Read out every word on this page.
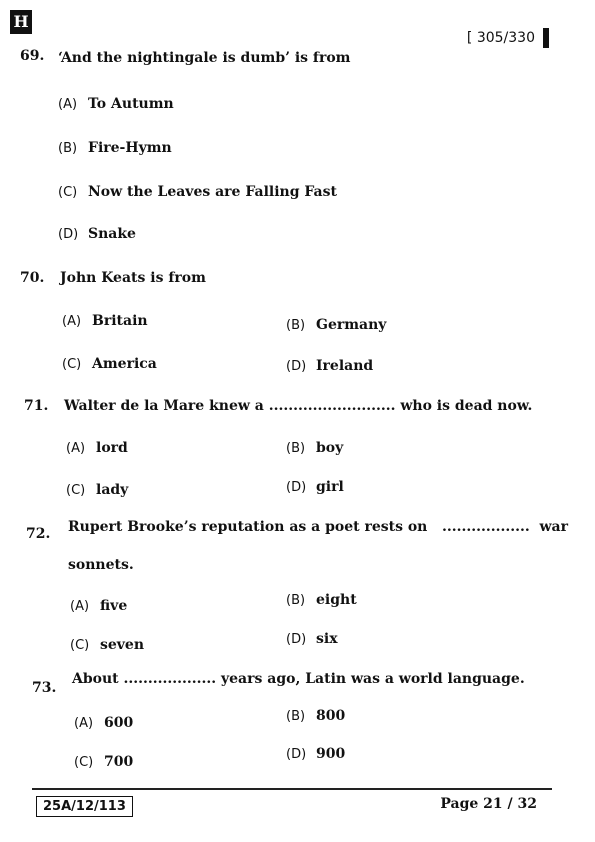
H
[ 305/330
69. ‘And the nightingale is dumb’ is from
(A) To Autumn
(B) Fire-Hymn
(C) Now the Leaves are Falling Fast
(D) Snake
70. John Keats is from
(A) Britain	(B) Germany
(C) America	(D) Ireland
71. Walter de la Mare knew a .......................... who is dead now.
(A) lord	(B) boy
(C) lady	(D) girl
72. Rupert Brooke’s reputation as a poet rests on .................. war
sonnets.
(A) five	(B) eight
(C) seven	(D) six
73.
About ................... years ago, Latin was a world language.
(A) 600	(B) 800
(C) 700	(D) 900
25A/12/113	Page 21 / 32
